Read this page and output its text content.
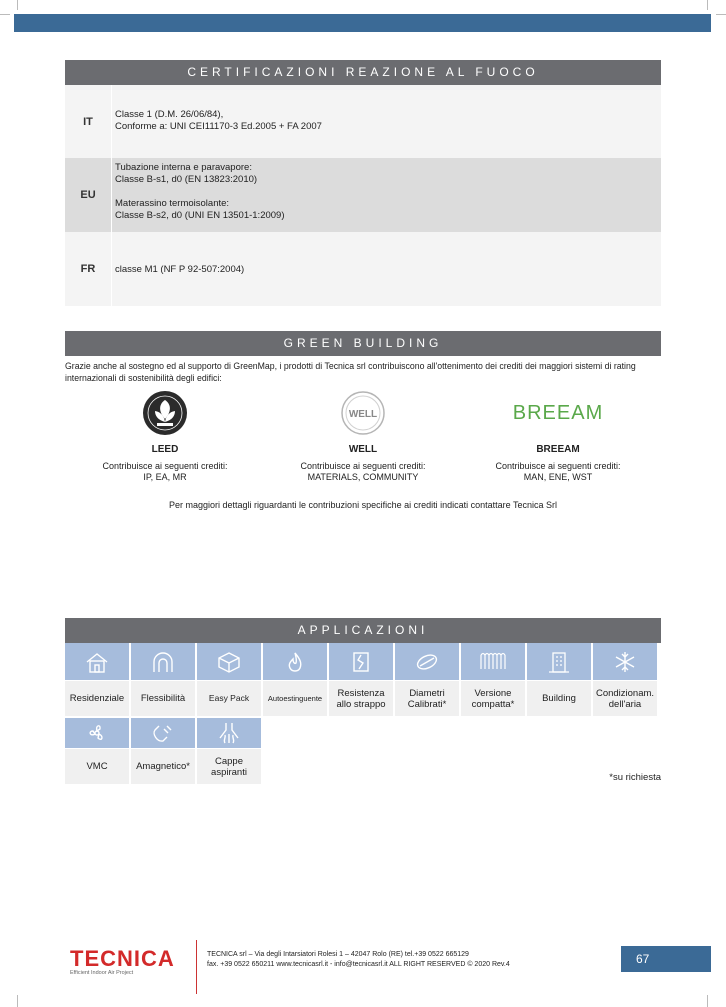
CERTIFICAZIONI REAZIONE AL FUOCO
IT
Classe 1 (D.M. 26/06/84),
Conforme a: UNI CEI11170-3 Ed.2005 + FA 2007
EU
Tubazione interna e paravapore:
Classe B-s1, d0 (EN 13823:2010)
Materassino termoisolante:
Classe B-s2, d0 (UNI EN 13501-1:2009)
FR	classe M1 (NF P 92-507:2004)
GREEN BUILDING
Grazie anche al sostegno ed al supporto di GreenMap, i prodotti di Tecnica srl contribuiscono all'ottenimento dei crediti dei maggiori sistemi di rating internazionali di sostenibilità degli edifici:
LEED
Contribuisce ai seguenti crediti:
IP, EA, MR
WELL
WELL
Contribuisce ai seguenti crediti:
MATERIALS, COMMUNITY
BREEAM
BREEAM
Contribuisce ai seguenti crediti:
MAN, ENE, WST
Per maggiori dettagli riguardanti le contribuzioni specifiche ai crediti indicati contattare Tecnica Srl
APPLICAZIONI
Residenziale	Flessibilità	Easy Pack	Autoestinguente	Resistenza allo strappo
Diametri Calibrati*
Versione compatta*	Building	Condizionam. dell'aria
VMC	Amagnetico*	Cappe aspiranti	*su richiesta
TECNICA
Efficient Indoor Air Project
TECNICA srl – Via degli Intarsiatori Rolesi 1 – 42047 Rolo (RE) tel.+39 0522 665129
fax. +39 0522 650211 www.tecnicasrl.it - info@tecnicasrl.it ALL RIGHT RESERVED © 2020 Rev.4	67
